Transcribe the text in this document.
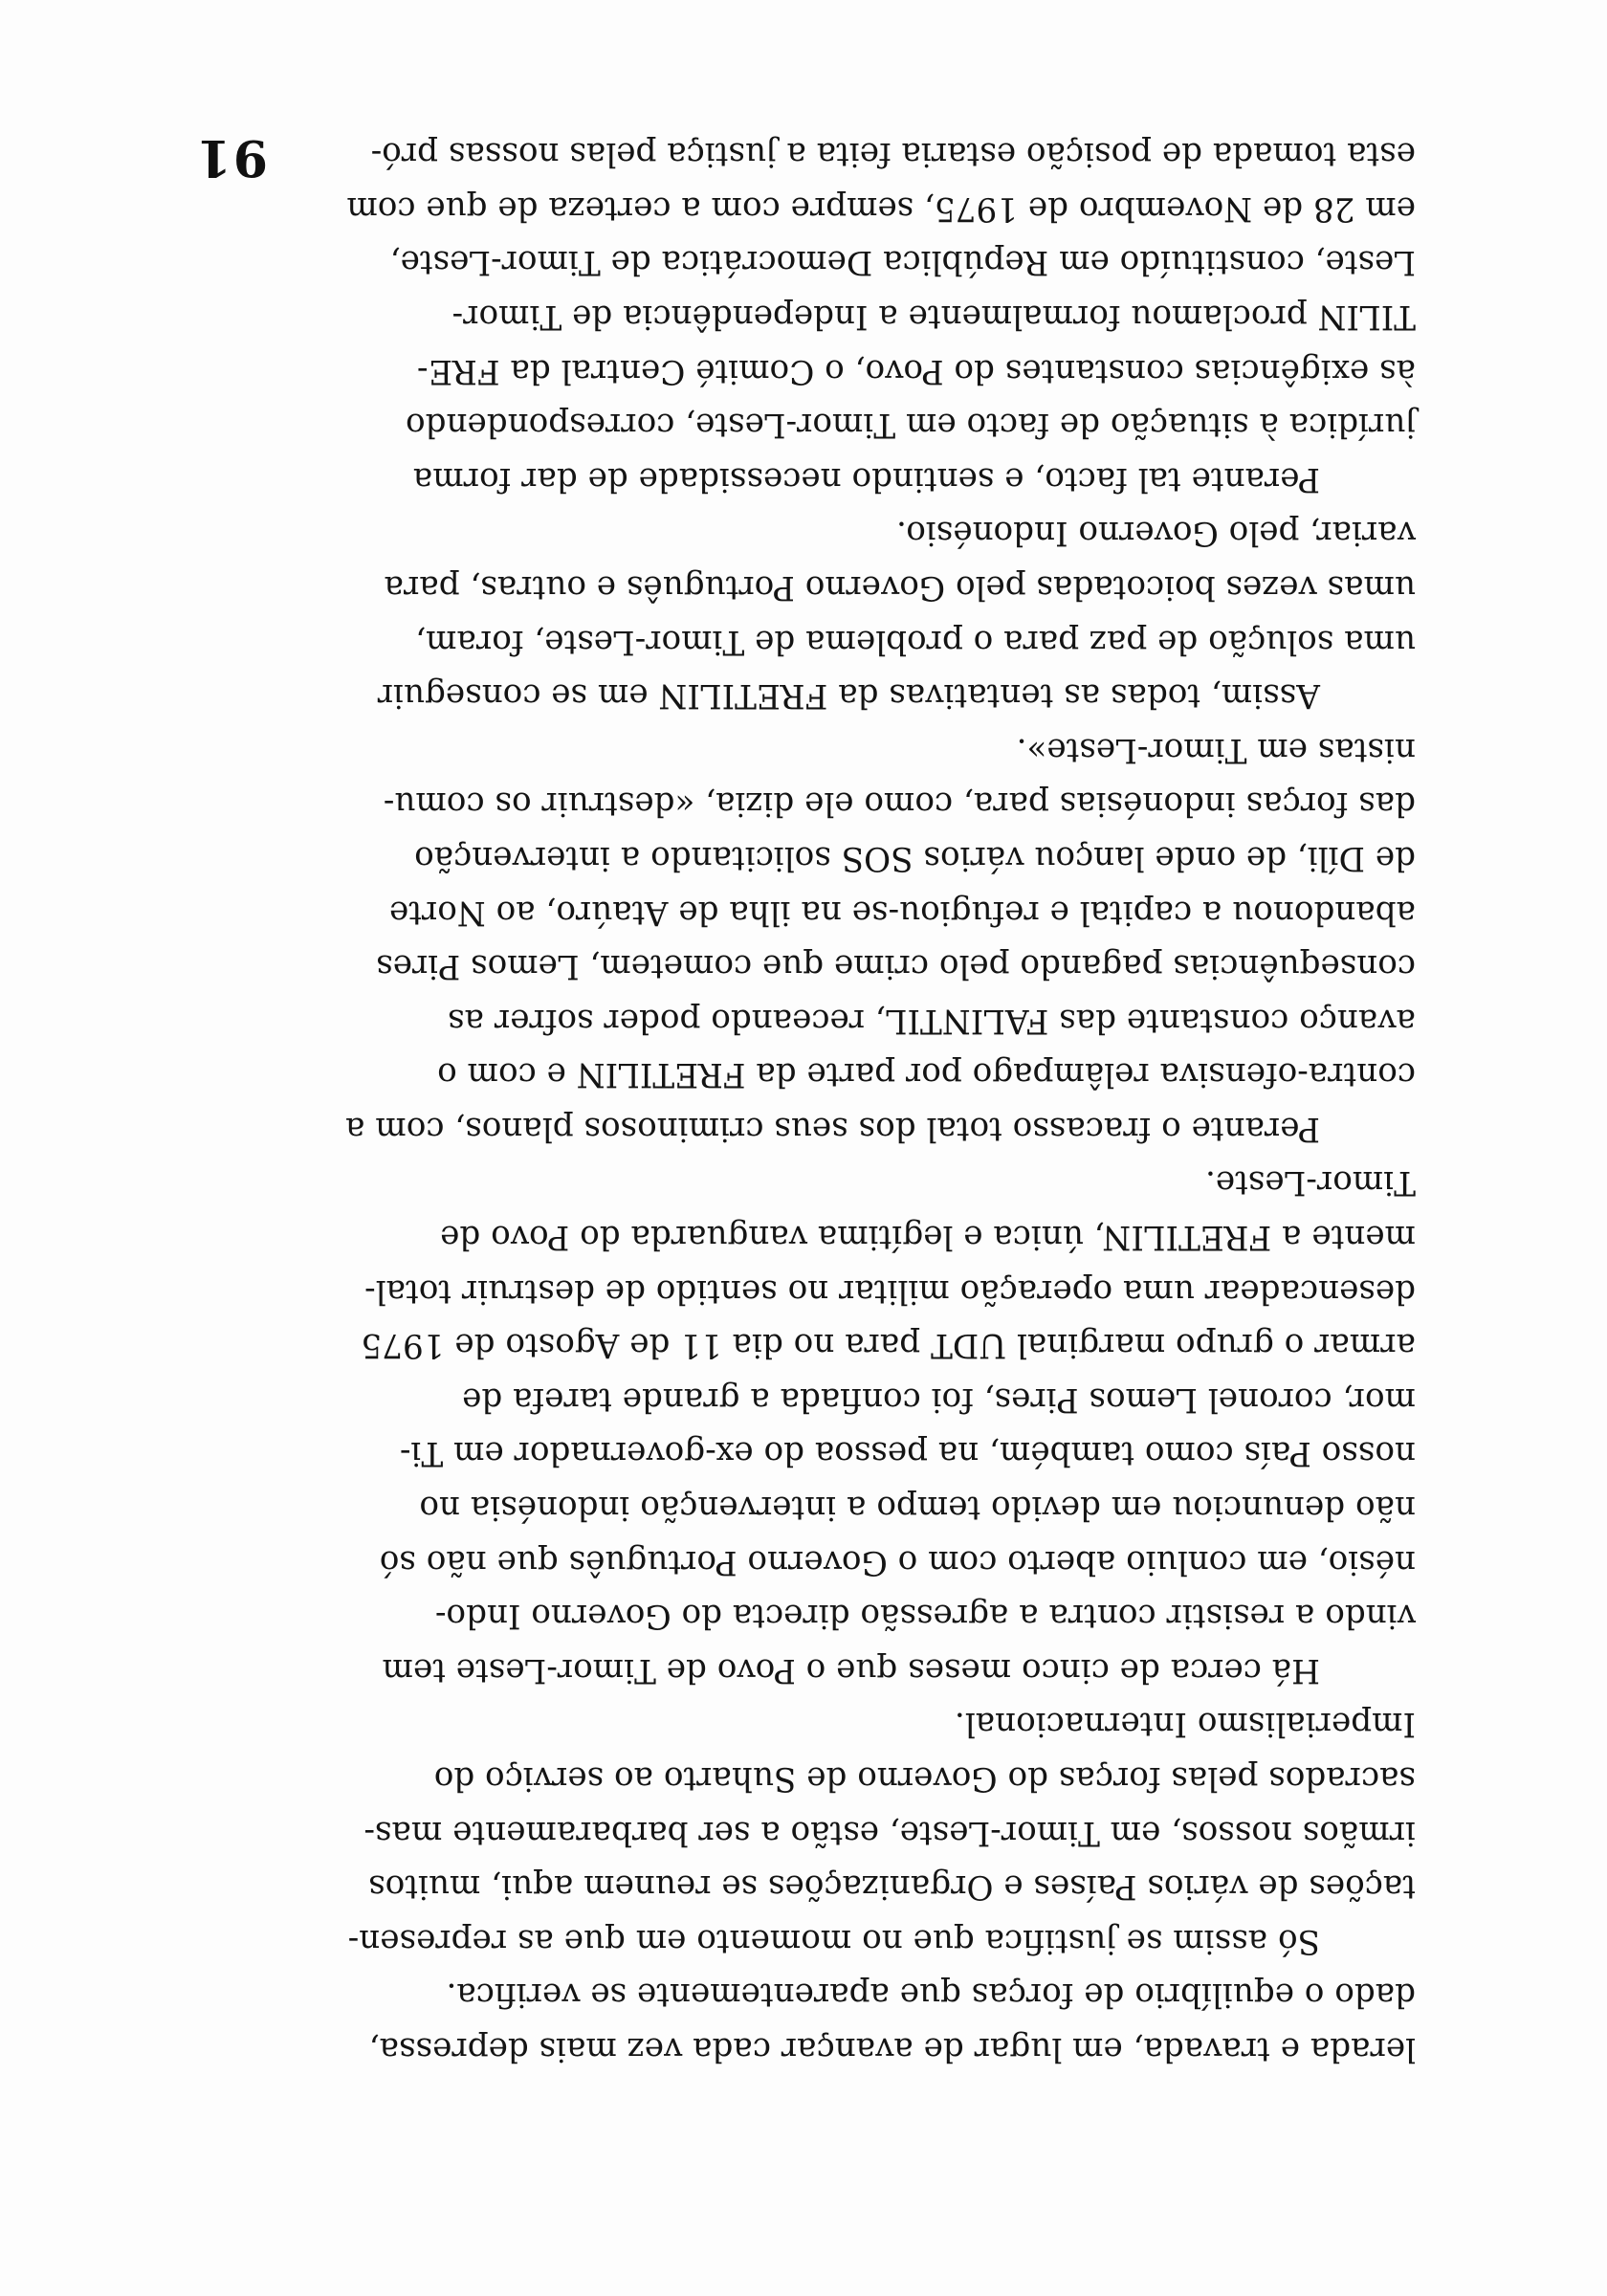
91
lerada e travada, em lugar de avançar cada vez mais depressa,
dado o equilíbrio de forças que aparentemente se verifica.
Só assim se justifica que no momento em que as represen-
tações de vários Países e Organizações se reunem aqui, muitos
irmãos nossos, em Timor-Leste, estão a ser barbaramente mas-
sacrados pelas forças do Governo de Suharto ao serviço do
Imperialismo Internacional.
Há cerca de cinco meses que o Povo de Timor-Leste tem
vindo a resistir contra a agressão directa do Governo Indo-
nésio, em conluio aberto com o Governo Português que não só
não denunciou em devido tempo a intervenção indonésia no
nosso País como também, na pessoa do ex-governador em Ti-
mor, coronel Lemos Pires, foi confiada a grande tarefa de
armar o grupo marginal UDT para no dia 11 de Agosto de 1975
desencadear uma operação militar no sentido de destruir total-
mente a FRETILIN, única e legítima vanguarda do Povo de
Timor-Leste.
Perante o fracasso total dos seus criminosos planos, com a
contra-ofensiva relâmpago por parte da FRETILIN e com o
avanço constante das FALINTIL, receando poder sofrer as
consequências pagando pelo crime que cometem, Lemos Pires
abandonou a capital e refugiou-se na ilha de Ataúro, ao Norte
de Díli, de onde lançou vários SOS solicitando a intervenção
das forças indonésias para, como ele dizia, «destruir os comu-
nistas em Timor-Leste».
Assim, todas as tentativas da FRETILIN em se conseguir
uma solução de paz para o problema de Timor-Leste, foram,
umas vezes boicotadas pelo Governo Português e outras, para
variar, pelo Governo Indonésio.
Perante tal facto, e sentindo necessidade de dar forma
jurídica à situação de facto em Timor-Leste, correspondendo
às exigências constantes do Povo, o Comité Central da FRE-
TILIN proclamou formalmente a Independência de Timor-
Leste, constituído em República Democrática de Timor-Leste,
em 28 de Novembro de 1975, sempre com a certeza de que com
esta tomada de posição estaria feita a justiça pelas nossas pró-
